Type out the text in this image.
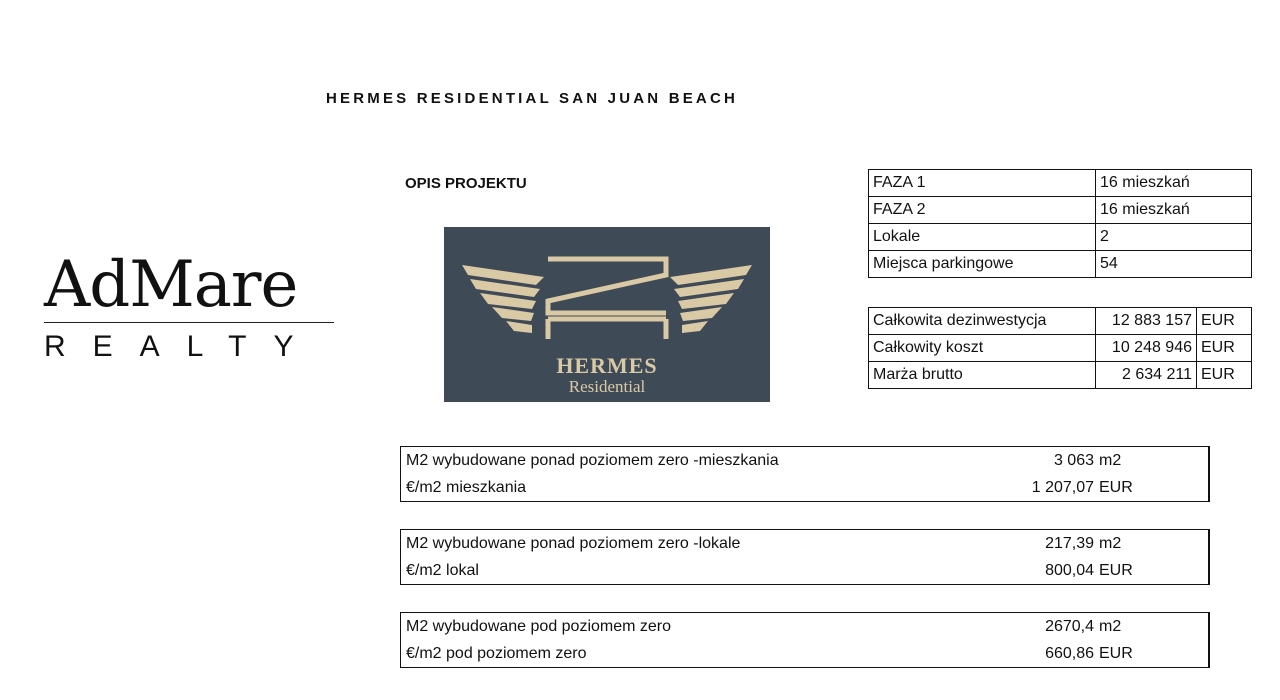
HERMES RESIDENTIAL SAN JUAN BEACH
AdMare
REALTY
OPIS PROJEKTU
HERMES
Residential
FAZA 1	16 mieszkań
FAZA 2	16 mieszkań
Lokale	2
Miejsca parkingowe	54
Całkowita dezinwestycja	12 883 157	EUR
Całkowity koszt	10 248 946	EUR
Marża brutto	2 634 211	EUR
M2 wybudowane ponad poziomem zero -mieszkania	3 063 m2
€/m2 mieszkania	1 207,07 EUR
M2 wybudowane ponad poziomem zero -lokale	217,39 m2
€/m2 lokal	800,04 EUR
M2 wybudowane pod poziomem zero	2670,4 m2
€/m2 pod poziomem zero	660,86 EUR
